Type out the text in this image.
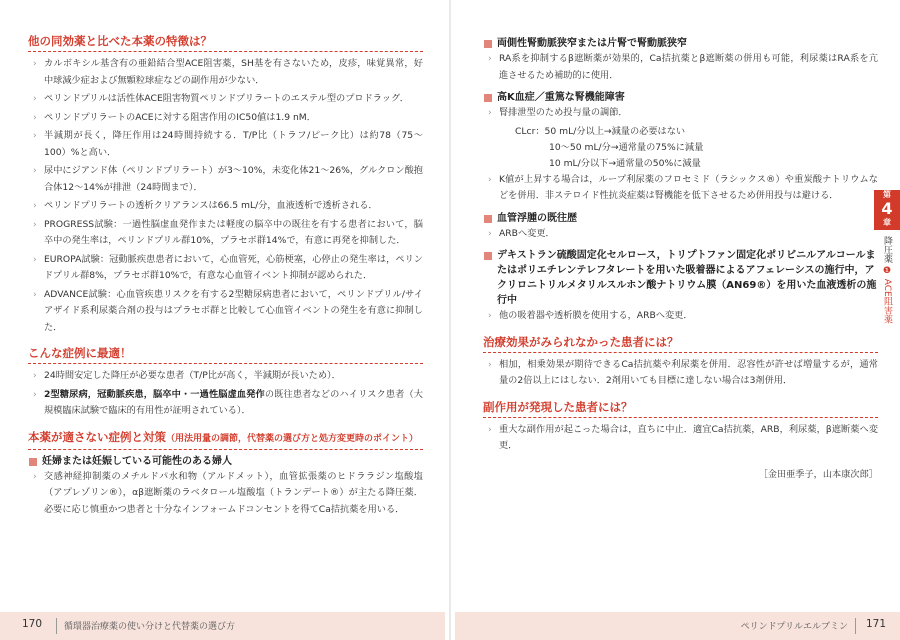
他の同効薬と比べた本薬の特徴は？
› カルボキシル基含有の亜鉛結合型ACE阻害薬，SH基を有さないため，皮疹，味覚異常，好中球減少症および無顆粒球症などの副作用が少ない．
› ペリンドプリルは活性体ACE阻害物質ペリンドプリラートのエステル型のプロドラッグ．
› ペリンドプリラートのACEに対する阻害作用のIC50値は1.9 nM．
› 半減期が長く，降圧作用は24時間持続する．T/P比（トラフ/ピーク比）は約78（75〜100）%と高い．
› 尿中にジアンド体（ペリンドプリラート）が3〜10%，未変化体21〜26%，グルクロン酸抱合体12〜14%が排泄（24時間まで）．
› ペリンドプリラートの透析クリアランスは66.5 mL/分，血液透析で透析される．
› PROGRESS試験：一過性脳虚血発作または軽度の脳卒中の既往を有する患者において，脳卒中の発生率は，ペリンドプリル群10%，プラセボ群14%で，有意に再発を抑制した．
› EUROPA試験：冠動脈疾患患者において，心血管死，心筋梗塞，心停止の発生率は，ペリンドプリル群8%，プラセボ群10%で，有意な心血管イベント抑制が認められた．
› ADVANCE試験：心血管疾患リスクを有する2型糖尿病患者において，ペリンドプリル/サイアザイド系利尿薬合剤の投与はプラセボ群と比較して心血管イベントの発生を有意に抑制した．
こんな症例に最適！
› 24時間安定した降圧が必要な患者（T/P比が高く，半減期が長いため）．
› 2型糖尿病，冠動脈疾患，脳卒中・一過性脳虚血発作の既往患者などのハイリスク患者（大規模臨床試験で臨床的有用性が証明されている）．
本薬が適さない症例と対策（用法用量の調節，代替薬の選び方と処方変更時のポイント）
妊婦または妊娠している可能性のある婦人
› 交感神経抑制薬のメチルドパ水和物（アルドメット），血管拡張薬のヒドララジン塩酸塩（アプレゾリン®），αβ遮断薬のラベタロール塩酸塩（トランデート®）が主たる降圧薬．必要に応じ慎重かつ患者と十分なインフォームドコンセントを得てCa拮抗薬を用いる．
両側性腎動脈狭窄または片腎で腎動脈狭窄
› RA系を抑制するβ遮断薬が効果的，Ca拮抗薬とβ遮断薬の併用も可能，利尿薬はRA系を亢進させるため補助的に使用．
高K血症／重篤な腎機能障害
› 腎排泄型のため投与量の調節．
CLcr：50 mL/分以上→減量の必要はない
10〜50 mL/分→通常量の75%に減量
10 mL/分以下→通常量の50%に減量
› K値が上昇する場合は，ループ利尿薬のフロセミド（ラシックス®）や重炭酸ナトリウムなどを併用．非ステロイド性抗炎症薬は腎機能を低下させるため併用投与は避ける．
血管浮腫の既往歴
› ARBへ変更．
デキストラン硫酸固定化セルロース，トリプトファン固定化ポリビニルアルコールまたはポリエチレンテレフタレートを用いた吸着器によるアフェレーシスの施行中，アクリロニトリルメタリルスルホン酸ナトリウム膜（AN69®）を用いた血液透析の施行中
› 他の吸着器や透析膜を使用する，ARBへ変更．
治療効果がみられなかった患者には？
› 相加，相乗効果が期待できるCa拮抗薬や利尿薬を併用．忍容性が許せば増量するが，通常量の2倍以上にはしない．2剤用いても目標に達しない場合は3剤併用．
副作用が発現した患者には？
› 重大な副作用が起こった場合は，直ちに中止．適宜Ca拮抗薬，ARB，利尿薬，β遮断薬へ変更．
［金田亜季子，山本康次郎］
第
4
章
降圧薬 ❶ ACE阻害薬
170 循環器治療薬の使い分けと代替薬の選び方	ペリンドプリルエルブミン 171
